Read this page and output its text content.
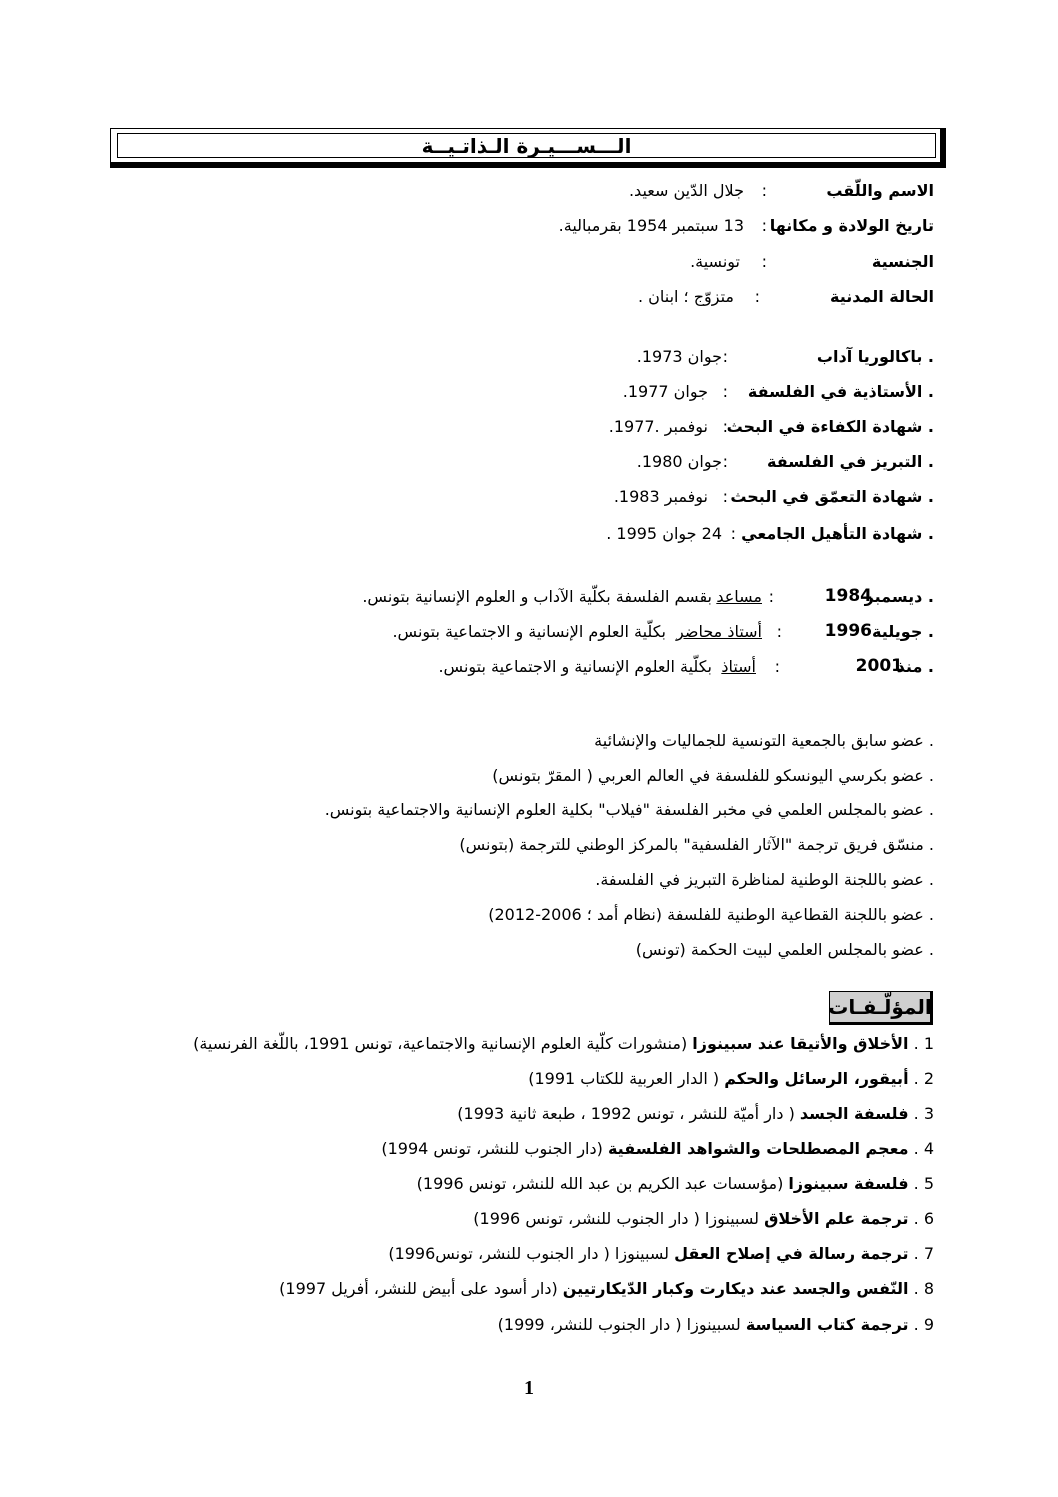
الـــســـيـرة الـذاتـيــة
الاسم واللّقب
:
جلال الدّين سعيد.
تاريخ الولادة و مكانها
:
13 سبتمبر 1954 بقرمبالية.
الجنسية
:
تونسية.
الحالة المدنية
:
متزوّج ؛ ابنان .
. باكالوريا آداب
:
جوان 1973.
. الأستاذية في الفلسفة
:
جوان 1977.
. شهادة الكفاءة في البحث
:
نوفمبر .1977.
. التبريز في الفلسفة
:
جوان 1980.
. شهادة التعمّق في البحث
:
نوفمبر 1983.
. شهادة التأهيل الجامعي
:
24 جوان 1995 .
. ديسمبر
1984
:
مساعد
بقسم الفلسفة بكلّية الآداب و العلوم الإنسانية بتونس.
. جويلية
1996
:
أستاذ محاضر
بكلّية العلوم الإنسانية و الاجتماعية بتونس.
. منذ
2001
:
أستاذ
بكلّية العلوم الإنسانية و الاجتماعية بتونس.
. عضو سابق بالجمعية التونسية للجماليات والإنشائية
. عضو بكرسي اليونسكو للفلسفة في العالم العربي ( المقرّ بتونس)
. عضو بالمجلس العلمي في مخبر الفلسفة "فيلاب" بكلية العلوم الإنسانية والاجتماعية بتونس.
. منسّق فريق ترجمة "الآثار الفلسفية" بالمركز الوطني للترجمة (بتونس)
. عضو باللجنة الوطنية لمناظرة التبريز في الفلسفة.
. عضو باللجنة القطاعية الوطنية للفلسفة (نظام أمد ؛ 2006-2012)
. عضو بالمجلس العلمي لبيت الحكمة (تونس)
المؤلّـفـات
1 . الأخلاق والأتيقا عند سبينوزا (منشورات كلّية العلوم الإنسانية والاجتماعية، تونس 1991، باللّغة الفرنسية)
2 . أبيقور، الرسائل والحكم ( الدار العربية للكتاب 1991)
3 . فلسفة الجسد ( دار أميّة للنشر ، تونس 1992 ، طبعة ثانية 1993)
4 . معجم المصطلحات والشواهد الفلسفية (دار الجنوب للنشر، تونس 1994)
5 . فلسفة سبينوزا (مؤسسات عبد الكريم بن عبد الله للنشر، تونس 1996)
6 . ترجمة علم الأخلاق لسبينوزا ( دار الجنوب للنشر، تونس 1996)
7 . ترجمة رسالة في إصلاح العقل لسبينوزا ( دار الجنوب للنشر، تونس1996)
8 . النّفس والجسد عند ديكارت وكبار الدّيكارتيين (دار أسود على أبيض للنشر، أفريل 1997)
9 . ترجمة كتاب السياسة لسبينوزا ( دار الجنوب للنشر، 1999)
1
